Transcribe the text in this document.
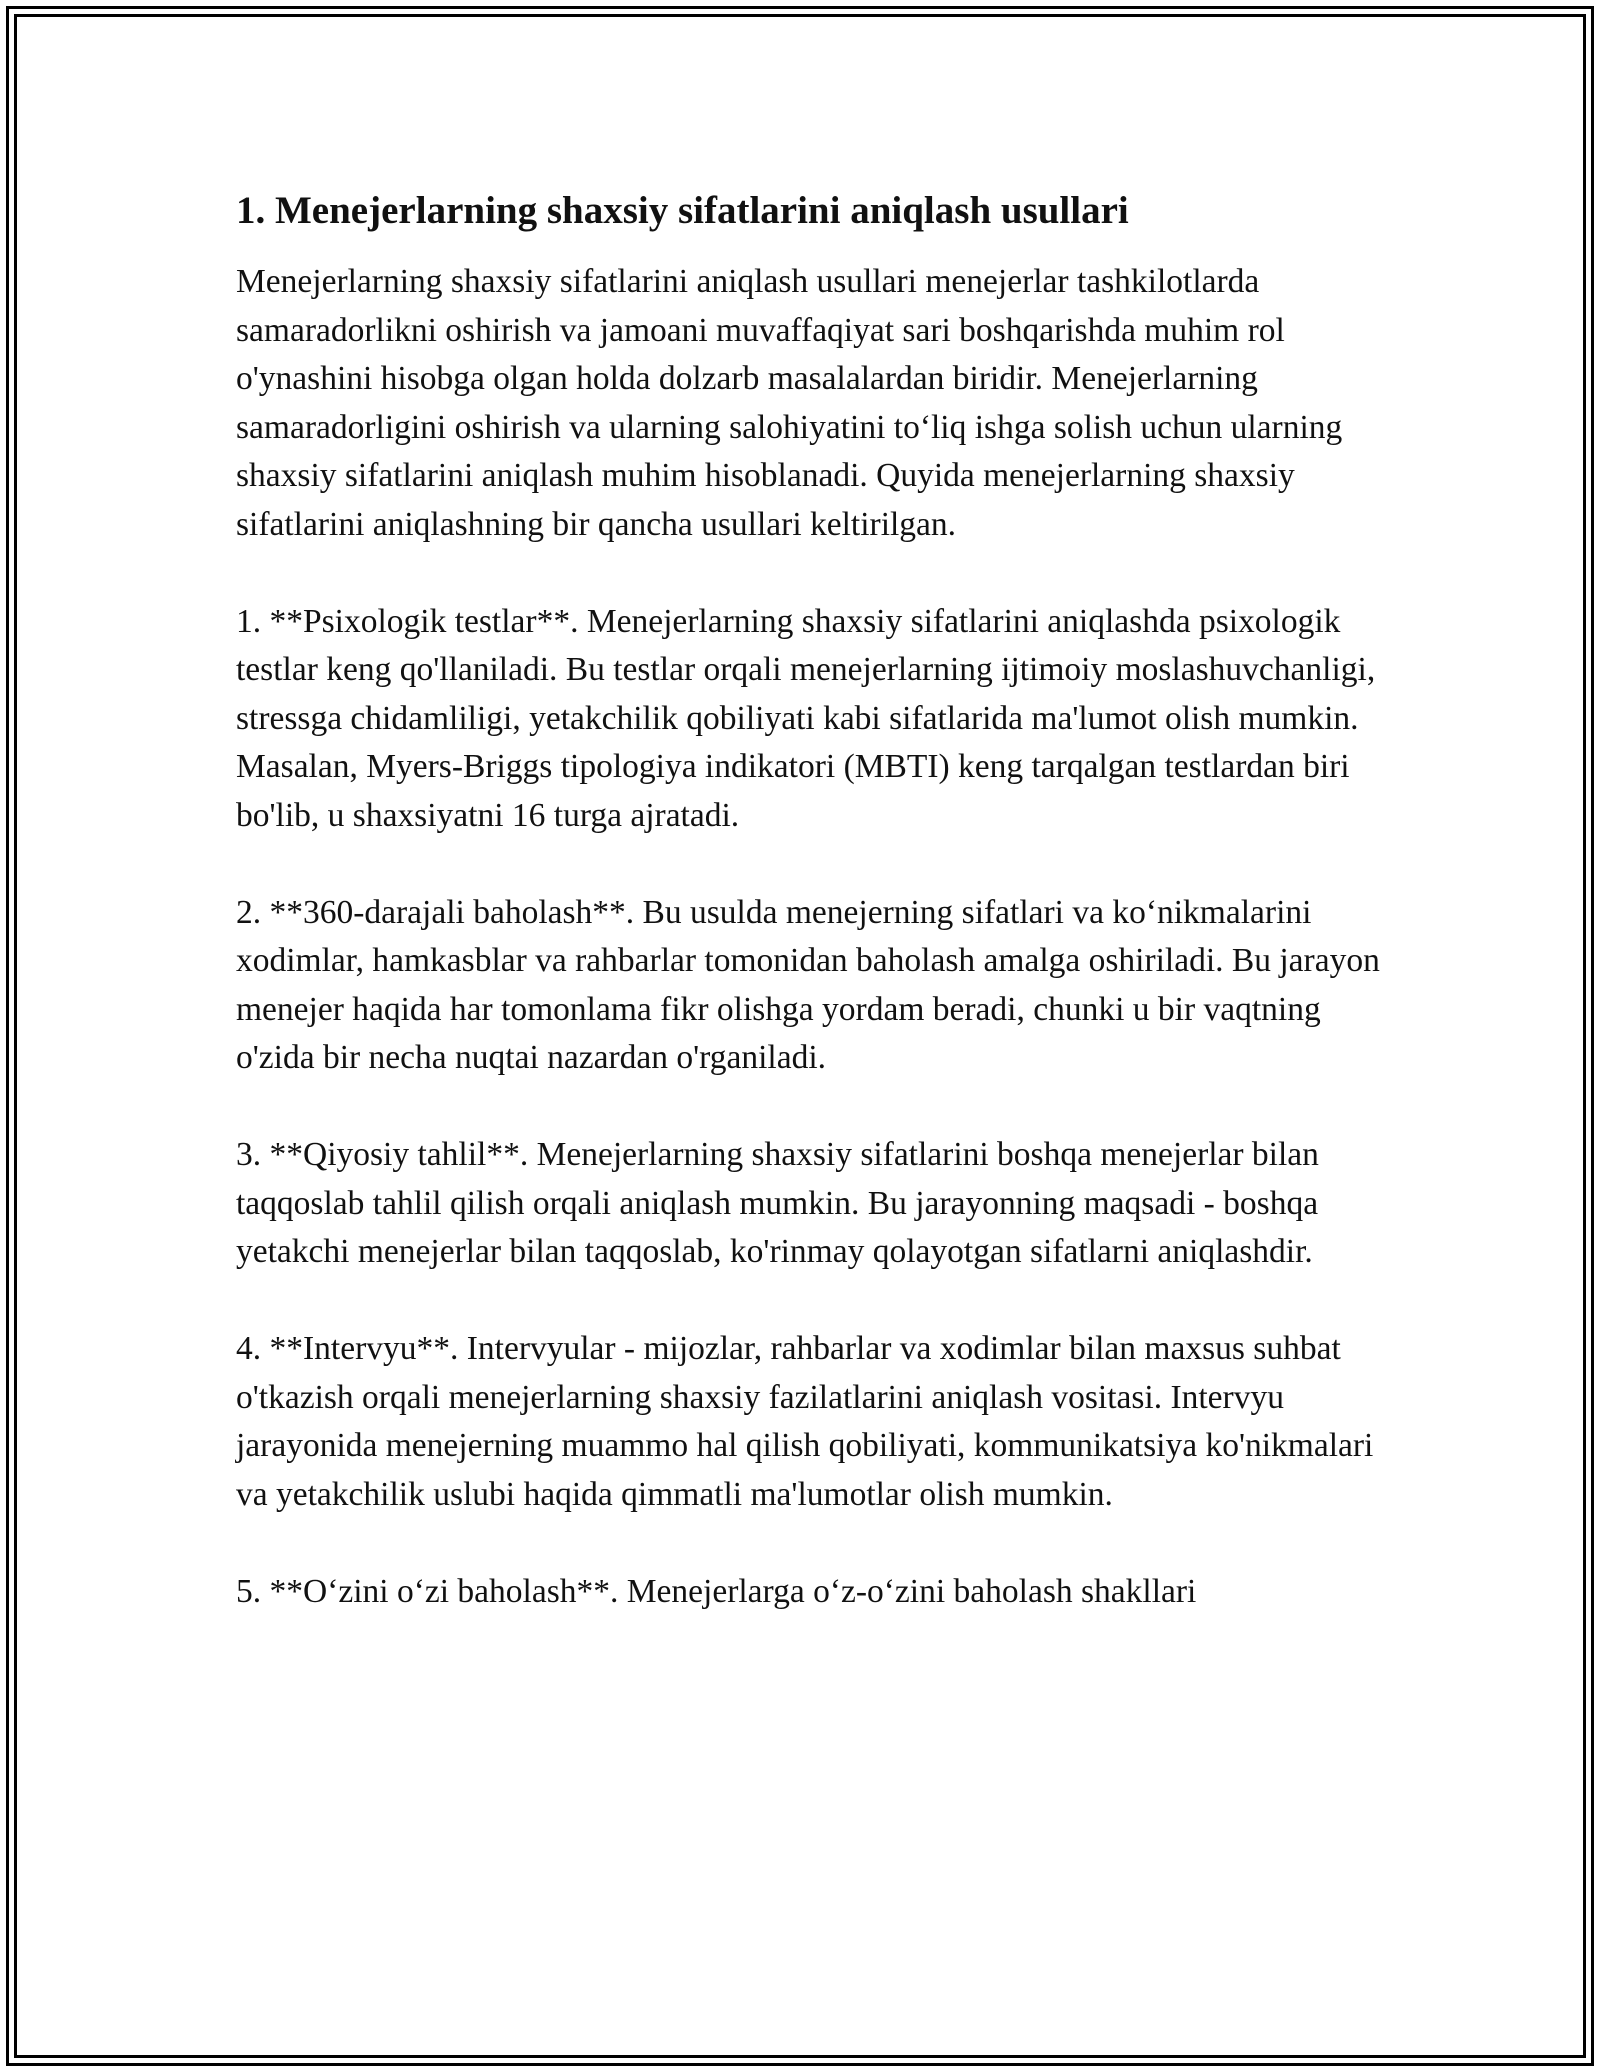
1. Menejerlarning shaxsiy sifatlarini aniqlash usullari

Menejerlarning shaxsiy sifatlarini aniqlash usullari menejerlar tashkilotlarda samaradorlikni oshirish va jamoani muvaffaqiyat sari boshqarishda muhim rol o'ynashini hisobga olgan holda dolzarb masalalardan biridir. Menejerlarning samaradorligini oshirish va ularning salohiyatini to‘liq ishga solish uchun ularning shaxsiy sifatlarini aniqlash muhim hisoblanadi. Quyida menejerlarning shaxsiy sifatlarini aniqlashning bir qancha usullari keltirilgan.

1. **Psixologik testlar**. Menejerlarning shaxsiy sifatlarini aniqlashda psixologik testlar keng qo'llaniladi. Bu testlar orqali menejerlarning ijtimoiy moslashuvchanligi, stressga chidamliligi, yetakchilik qobiliyati kabi sifatlarida ma'lumot olish mumkin. Masalan, Myers-Briggs tipologiya indikatori (MBTI) keng tarqalgan testlardan biri bo'lib, u shaxsiyatni 16 turga ajratadi.

2. **360-darajali baholash**. Bu usulda menejerning sifatlari va ko‘nikmalarini xodimlar, hamkasblar va rahbarlar tomonidan baholash amalga oshiriladi. Bu jarayon menejer haqida har tomonlama fikr olishga yordam beradi, chunki u bir vaqtning o'zida bir necha nuqtai nazardan o'rganiladi.

3. **Qiyosiy tahlil**. Menejerlarning shaxsiy sifatlarini boshqa menejerlar bilan taqqoslab tahlil qilish orqali aniqlash mumkin. Bu jarayonning maqsadi - boshqa yetakchi menejerlar bilan taqqoslab, ko'rinmay qolayotgan sifatlarni aniqlashdir.

4. **Intervyu**. Intervyular - mijozlar, rahbarlar va xodimlar bilan maxsus suhbat o'tkazish orqali menejerlarning shaxsiy fazilatlarini aniqlash vositasi. Intervyu jarayonida menejerning muammo hal qilish qobiliyati, kommunikatsiya ko'nikmalari va yetakchilik uslubi haqida qimmatli ma'lumotlar olish mumkin.

5. **O‘zini o‘zi baholash**. Menejerlarga o‘z-o‘zini baholash shakllari
